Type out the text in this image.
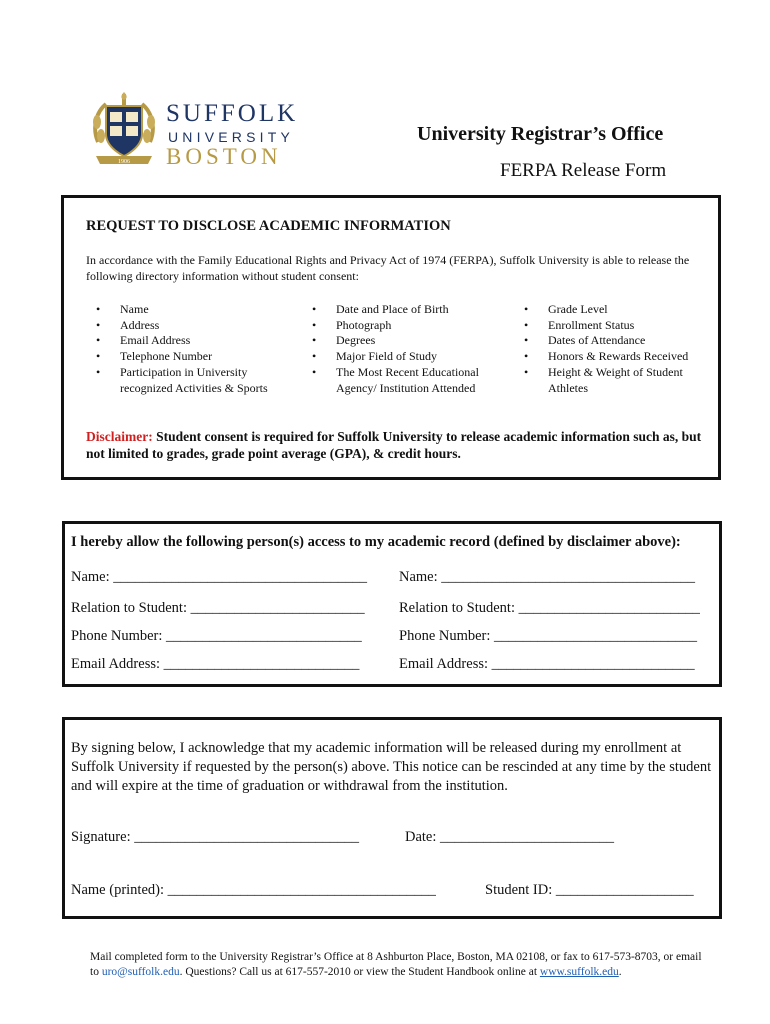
1906
SUFFOLK
UNIVERSITY
BOSTON
University Registrar’s Office
FERPA Release Form
REQUEST TO DISCLOSE ACADEMIC INFORMATION
In accordance with the Family Educational Rights and Privacy Act of 1974 (FERPA), Suffolk University is able to release the following directory information without student consent:
• Name
• Address
• Email Address
• Telephone Number
• Participation in University recognized Activities & Sports
• Date and Place of Birth
• Photograph
• Degrees
• Major Field of Study
• The Most Recent Educational Agency/ Institution Attended
• Grade Level
• Enrollment Status
• Dates of Attendance
• Honors & Rewards Received
• Height & Weight of Student Athletes
Disclaimer: Student consent is required for Suffolk University to release academic information such as, but not limited to grades, grade point average (GPA), & credit hours.
I hereby allow the following person(s) access to my academic record (defined by disclaimer above):
Name: ___________________________________ Name: ___________________________________
Relation to Student: ________________________ Relation to Student: _________________________
Phone Number: ___________________________	Phone Number: ____________________________
Email Address: ___________________________	Email Address: ____________________________
By signing below, I acknowledge that my academic information will be released during my enrollment at Suffolk University if requested by the person(s) above. This notice can be rescinded at any time by the student and will expire at the time of graduation or withdrawal from the institution.
Signature: _______________________________	Date: ________________________
Name (printed): _____________________________________	Student ID: ___________________
Mail completed form to the University Registrar’s Office at 8 Ashburton Place, Boston, MA 02108, or fax to 617-573-8703, or email to uro@suffolk.edu. Questions? Call us at 617-557-2010 or view the Student Handbook online at www.suffolk.edu.
